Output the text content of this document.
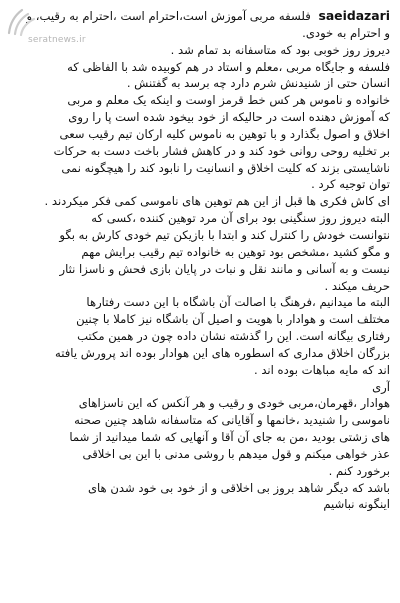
seratnews.ir
saeidazari فلسفه مربی آموزش است،احترام است ،احترام به رقیب، و
و احترام به خودی.
دیروز روز خوبی بود که متاسفانه بد تمام شد .
فلسفه و جایگاه مربی ،معلم و استاد در هم کوبیده شد با الفاظی که
انسان حتی از شنیدنش شرم دارد چه برسد به گفتنش .
خانواده و ناموس هر کس خط قرمز اوست و اینکه یک معلم و مربی
که آموزش دهنده است در حالیکه از خود بیخود شده است پا را روی
اخلاق و اصول بگذارد و با توهین به ناموس کلیه ارکان تیم رقیب سعی
بر تخلیه روحی روانی خود کند و در کاهش فشار باخت دست به حرکات
ناشایستی بزند که کلیت اخلاق و انسانیت را نابود کند را هیچگونه نمی
توان توجیه کرد .
ای کاش فکری ها قبل از این هم توهین های ناموسی کمی فکر میکردند .
البته دیروز روز سنگینی بود برای آن مرد توهین کننده ،کسی که
نتوانست خودش را کنترل کند و ابتدا با بازیکن تیم خودی کارش به بگو
و مگو کشید ،مشخص بود توهین به خانواده تیم رقیب برایش مهم
نیست و به آسانی و مانند نقل و نبات در پایان بازی فحش و ناسزا نثار
حریف میکند .
البته ما میدانیم ،فرهنگ با اصالت آن باشگاه با این دست رفتارها
مختلف است و هوادار با هویت و اصیل آن باشگاه نیز کاملا با چنین
رفتاری بیگانه است. این را گذشته نشان داده چون در همین مکتب
بزرگان اخلاق مداری که اسطوره های این هوادار بوده اند پرورش یافته
اند که مایه مباهات بوده اند .
آری
هوادار ،قهرمان،مربی خودی و رقیب و هر آنکس که این ناسزاهای
ناموسی را شنیدید ،خانمها و آقایانی که متاسفانه شاهد چنین صحنه
های زشتی بودید ،من به جای آن آقا و آنهایی که شما میدانید از شما
عذر خواهی میکنم و قول میدهم با روشی مدنی با این بی اخلاقی
برخورد کنم .
باشد که دیگر شاهد بروز بی اخلاقی و از خود بی خود شدن های
اینگونه نباشیم
